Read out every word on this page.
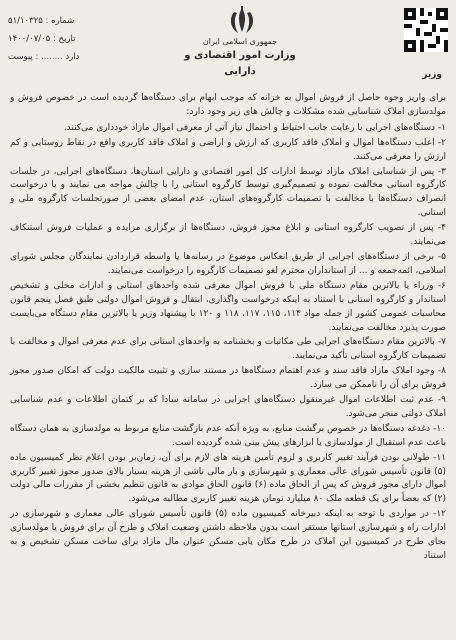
۵۱/۱۰۳۲۵ : شماره
۱۴۰۰/۰۷/۰۵ : تاریخ
دارد ........ : پیوست
جمهوری اسلامی ایران
وزارت امور اقتصادی و دارایی	وزیر

برای واریز وجوه حاصل از فروش اموال به خزانه که موجب ابهام برای دستگاه‌ها گردیده است در خصوص فروش و مولدسازی املاک شناسایی شده مشکلات و چالش های زیر وجود دارد:

۱- دستگاه‌های اجرایی با رعایت جانب احتیاط و احتمال نیاز آتی از معرفی اموال مازاد خودداری می‌کنند.

۲- اعلب دستگاه‌ها اموال و املاک فاقد کاربری که ارزش و اراضی و املاک فاقد کاربری واقع در نقاط روستایی و کم ارزش را معرفی می‌کنند.

۳- پس از شناسایی املاک مازاد توسط ادارات کل امور اقتصادی و دارایی استان‌ها، دستگاه‌های اجرایی، در جلسات کارگروه استانی مخالفت نموده و تصمیم‌گیری توسط کارگروه استانی را با چالش مواجه می نمایند و یا درخواست انصراف دستگاه‌ها با مخالفت با تصمیمات کارگروه‌های استان، عدم امضای بعضی از صورتجلسات کارگروه ملی و استانی.

۴- پس از تصویب کارگروه استانی و ابلاغ مجوز فروش، دستگاه‌ها از برگزاری مزایده و عملیات فروش استنکاف می‌نمایند.

۵- برخی از دستگاه‌های اجرایی از طریق انعکاس موضوع در رسانه‌ها یا واسطه قراردادن نمایندگان مجلس شورای اسلامی، ائمه‌جمعه و ... از استانداران محترم لغو تصمیمات کارگروه را درخواست می‌نمایند.

۶- وزراء یا بالاترین مقام دستگاه ملی با فروش اموال معرفی شده واحدهای استانی و ادارات محلی و تشخیص استاندار و کارگروه استانی با استناد به اینکه درخواست واگذاری، انتقال و فروش اموال دولتی طبق فصل پنجم قانون محاسبات عمومی کشور از جمله مواد ۱۱۴، ۱۱۵، ۱۱۷، ۱۱۸ و ۱۲۰ با پیشنهاد وزیر یا بالاترین مقام دستگاه می‌بایست صورت پذیرد مخالفت می‌نمایند.

۷- بالاترین مقام دستگاه‌های اجرایی طی مکاتبات و بخشنامه به واحدهای استانی برای عدم معرفی اموال و مخالفت با تصمیمات کارگروه استانی تأکید می‌نمایند.

۸- وجود املاک مازاد فاقد سند و عدم اهتمام دستگاه‌ها در مستند سازی و تثبیت مالکیت دولت که امکان صدور مجوز فروش برای آن را ناممکن می سازد.

۹- عدم ثبت اطلاعات اموال غیرمنقول دستگاه‌های اجرایی در سامانه سادا که بر کتمان اطلاعات و عدم شناسایی املاک دولتی منجر می‌شود.

۱۰- دغدغه دستگاه‌ها در خصوص برگشت منابع، به ویژه آنکه عدم بازگشت منابع مربوط به مولدسازی به همان دستگاه باعث عدم استقبال از مولدسازی یا ابزارهای پیش بینی شده گردیده است.

۱۱- طولانی بودن فرآیند تغییر کاربری و لزوم تأمین هزینه های لازم برای آن، زمان‌بر بودن اعلام نظر کمیسیون ماده (۵) قانون تأسیس شورای عالی معماری و شهرسازی و بار مالی ناشی از هزینه بسیار بالای صدور مجوز تغییر کاربری اموال دارای مجوز فروش که پس از الحاق ماده (۶) قانون الحاق موادی به قانون تنظیم بخشی از مقررات مالی دولت (۲) که بعضاً برای یک قطعه ملک ۸۰ میلیارد تومان هزینه تغییر کاربری مطالبه می‌شود.

۱۲- در مواردی با توجه به اینکه دبیرخانه کمیسیون ماده (۵) قانون تأسیس شورای عالی معماری و شهرسازی در ادارات راه و شهرسازی استانها مستقر است بدون ملاحظه داشتن وضعیت املاک و طرح آن برای فروش یا مولدسازی بجای طرح در کمیسیون این املاک در طرح مکان یابی مسکن عنوان مال مازاد برای ساخت مسکن تشخیص و به استناد
